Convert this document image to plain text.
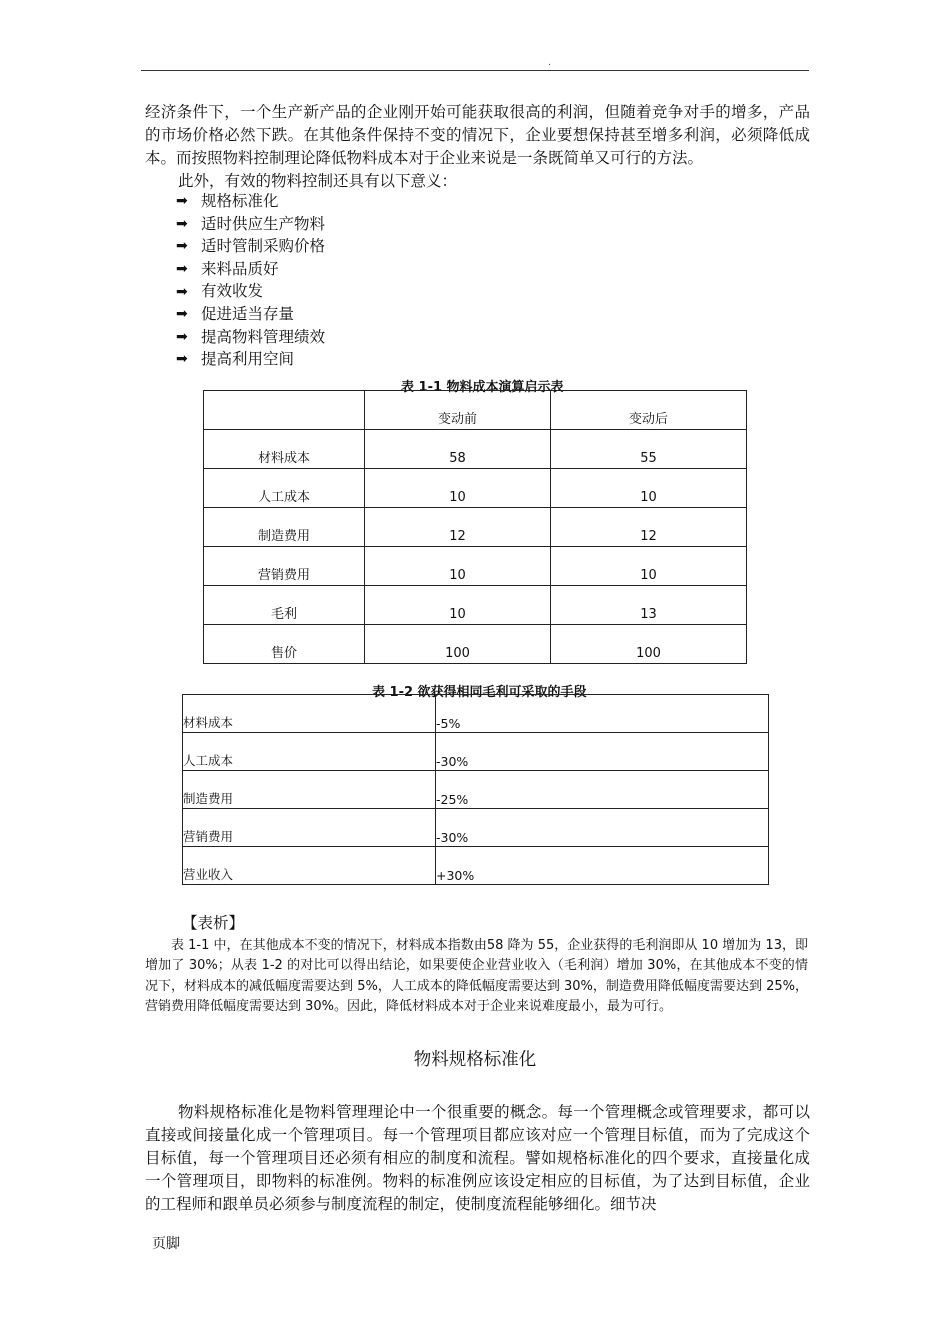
.
经济条件下，一个生产新产品的企业刚开始可能获取很高的利润，但随着竞争对手的增多，产品的市场价格必然下跌。在其他条件保持不变的情况下，企业要想保持甚至增多利润，必须降低成本。而按照物料控制理论降低物料成本对于企业来说是一条既简单又可行的方法。
此外，有效的物料控制还具有以下意义：
➡ 规格标准化
➡ 适时供应生产物料
➡ 适时管制采购价格
➡ 来料品质好
➡ 有效收发
➡ 促进适当存量
➡ 提高物料管理绩效
➡ 提高利用空间
表 1-1 物料成本演算启示表
	变动前	变动后
材料成本	58	55
人工成本	10	10
制造费用	12	12
营销费用	10	10
毛利	10	13
售价	100	100
表 1-2 欲获得相同毛利可采取的手段
材料成本	-5%
人工成本	-30%
制造费用	-25%
营销费用	-30%
营业收入	+30%
【表析】
表 1-1 中，在其他成本不变的情况下，材料成本指数由58 降为 55，企业获得的毛利润即从 10 增加为 13，即增加了 30%；从表 1-2 的对比可以得出结论，如果要使企业营业收入（毛利润）增加 30%，在其他成本不变的情况下，材料成本的减低幅度需要达到 5%，人工成本的降低幅度需要达到 30%，制造费用降低幅度需要达到 25%，营销费用降低幅度需要达到 30%。因此，降低材料成本对于企业来说难度最小，最为可行。
物料规格标准化
物料规格标准化是物料管理理论中一个很重要的概念。每一个管理概念或管理要求，都可以直接或间接量化成一个管理项目。每一个管理项目都应该对应一个管理目标值，而为了完成这个目标值，每一个管理项目还必须有相应的制度和流程。譬如规格标准化的四个要求，直接量化成一个管理项目，即物料的标准例。物料的标准例应该设定相应的目标值，为了达到目标值，企业的工程师和跟单员必须参与制度流程的制定，使制度流程能够细化。细节决
页脚
